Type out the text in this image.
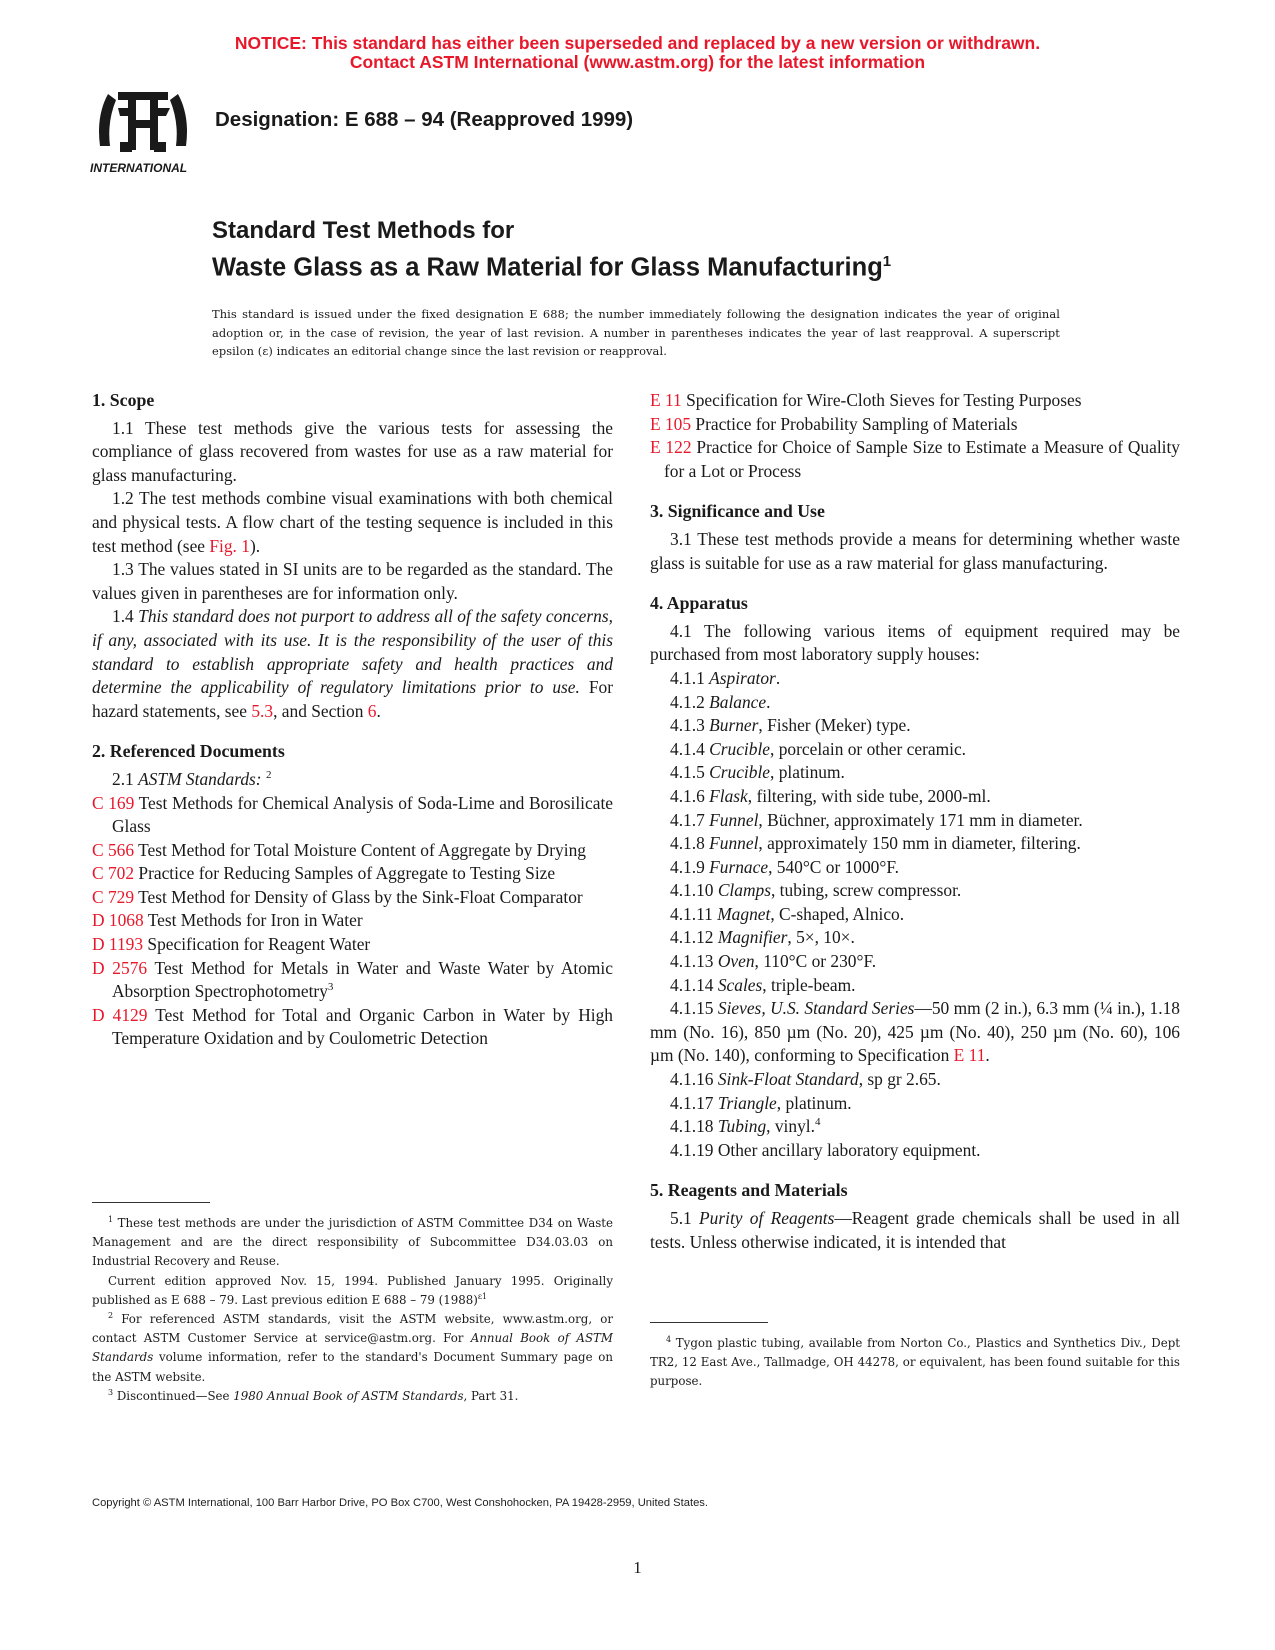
NOTICE: This standard has either been superseded and replaced by a new version or withdrawn.
Contact ASTM International (www.astm.org) for the latest information
INTERNATIONAL
Designation: E 688 – 94 (Reapproved 1999)
Standard Test Methods for
Waste Glass as a Raw Material for Glass Manufacturing$^1$
This standard is issued under the fixed designation E 688; the number immediately following the designation indicates the year of original adoption or, in the case of revision, the year of last revision. A number in parentheses indicates the year of last reapproval. A superscript epsilon (ε) indicates an editorial change since the last revision or reapproval.
1. Scope

1.1 These test methods give the various tests for assessing the compliance of glass recovered from wastes for use as a raw material for glass manufacturing.

1.2 The test methods combine visual examinations with both chemical and physical tests. A flow chart of the testing sequence is included in this test method (see Fig. 1).

1.3 The values stated in SI units are to be regarded as the standard. The values given in parentheses are for information only.

1.4 This standard does not purport to address all of the safety concerns, if any, associated with its use. It is the responsibility of the user of this standard to establish appropriate safety and health practices and determine the applicability of regulatory limitations prior to use. For hazard statements, see 5.3, and Section 6.

2. Referenced Documents

2.1 ASTM Standards: $^2$

C 169 Test Methods for Chemical Analysis of Soda-Lime and Borosilicate Glass
C 566 Test Method for Total Moisture Content of Aggregate by Drying
C 702 Practice for Reducing Samples of Aggregate to Testing Size
C 729 Test Method for Density of Glass by the Sink-Float Comparator
D 1068 Test Methods for Iron in Water
D 1193 Specification for Reagent Water
D 2576 Test Method for Metals in Water and Waste Water by Atomic Absorption Spectrophotometry$^3$
D 4129 Test Method for Total and Organic Carbon in Water by High Temperature Oxidation and by Coulometric Detection
E 11 Specification for Wire-Cloth Sieves for Testing Purposes
E 105 Practice for Probability Sampling of Materials
E 122 Practice for Choice of Sample Size to Estimate a Measure of Quality for a Lot or Process
3. Significance and Use

3.1 These test methods provide a means for determining whether waste glass is suitable for use as a raw material for glass manufacturing.

4. Apparatus

4.1 The following various items of equipment required may be purchased from most laboratory supply houses:

4.1.1 Aspirator.
4.1.2 Balance.
4.1.3 Burner, Fisher (Meker) type.
4.1.4 Crucible, porcelain or other ceramic.
4.1.5 Crucible, platinum.
4.1.6 Flask, filtering, with side tube, 2000-ml.
4.1.7 Funnel, Büchner, approximately 171 mm in diameter.
4.1.8 Funnel, approximately 150 mm in diameter, filtering.
4.1.9 Furnace, 540°C or 1000°F.
4.1.10 Clamps, tubing, screw compressor.
4.1.11 Magnet, C-shaped, Alnico.
4.1.12 Magnifier, 5×, 10×.
4.1.13 Oven, 110°C or 230°F.
4.1.14 Scales, triple-beam.

4.1.15 Sieves, U.S. Standard Series—50 mm (2 in.), 6.3 mm (¼ in.), 1.18 mm (No. 16), 850 µm (No. 20), 425 µm (No. 40), 250 µm (No. 60), 106 µm (No. 140), conforming to Specification E 11.

4.1.16 Sink-Float Standard, sp gr 2.65.
4.1.17 Triangle, platinum.
4.1.18 Tubing, vinyl.$^4$
4.1.19 Other ancillary laboratory equipment.
5. Reagents and Materials

5.1 Purity of Reagents—Reagent grade chemicals shall be used in all tests. Unless otherwise indicated, it is intended that

$^1$ These test methods are under the jurisdiction of ASTM Committee D34 on Waste Management and are the direct responsibility of Subcommittee D34.03.03 on Industrial Recovery and Reuse.

Current edition approved Nov. 15, 1994. Published January 1995. Originally published as E 688 – 79. Last previous edition E 688 – 79 $(1988)^{\varepsilon 1}$

$^2$ For referenced ASTM standards, visit the ASTM website, www.astm.org, or contact ASTM Customer Service at service@astm.org. For Annual Book of ASTM Standards volume information, refer to the standard's Document Summary page on the ASTM website.

$^3$ Discontinued—See 1980 Annual Book of ASTM Standards, Part 31.

$^4$ Tygon plastic tubing, available from Norton Co., Plastics and Synthetics Div., Dept TR2, 12 East Ave., Tallmadge, OH 44278, or equivalent, has been found suitable for this purpose.

Copyright © ASTM International, 100 Barr Harbor Drive, PO Box C700, West Conshohocken, PA 19428-2959, United States.
1
